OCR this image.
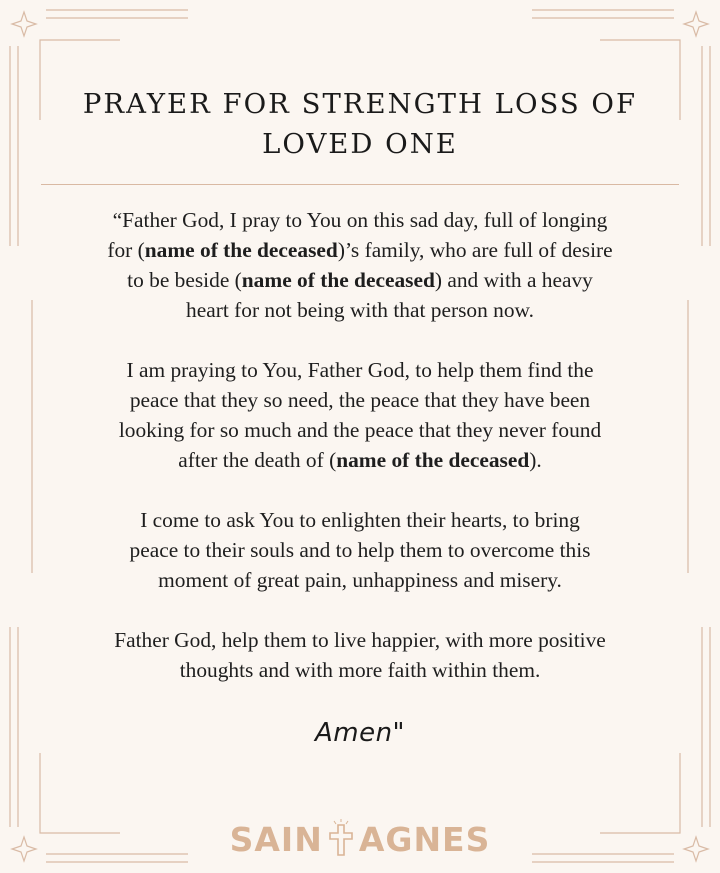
PRAYER FOR STRENGTH LOSS OF
LOVED ONE

“Father God, I pray to You on this sad day, full of longing
for (name of the deceased)’s family, who are full of desire
to be beside (name of the deceased) and with a heavy
heart for not being with that person now.

I am praying to You, Father God, to help them find the
peace that they so need, the peace that they have been
looking for so much and the peace that they never found
after the death of (name of the deceased).

I come to ask You to enlighten their hearts, to bring
peace to their souls and to help them to overcome this
moment of great pain, unhappiness and misery.

Father God, help them to live happier, with more positive
thoughts and with more faith within them.

Amen"
SAIN AGNES
